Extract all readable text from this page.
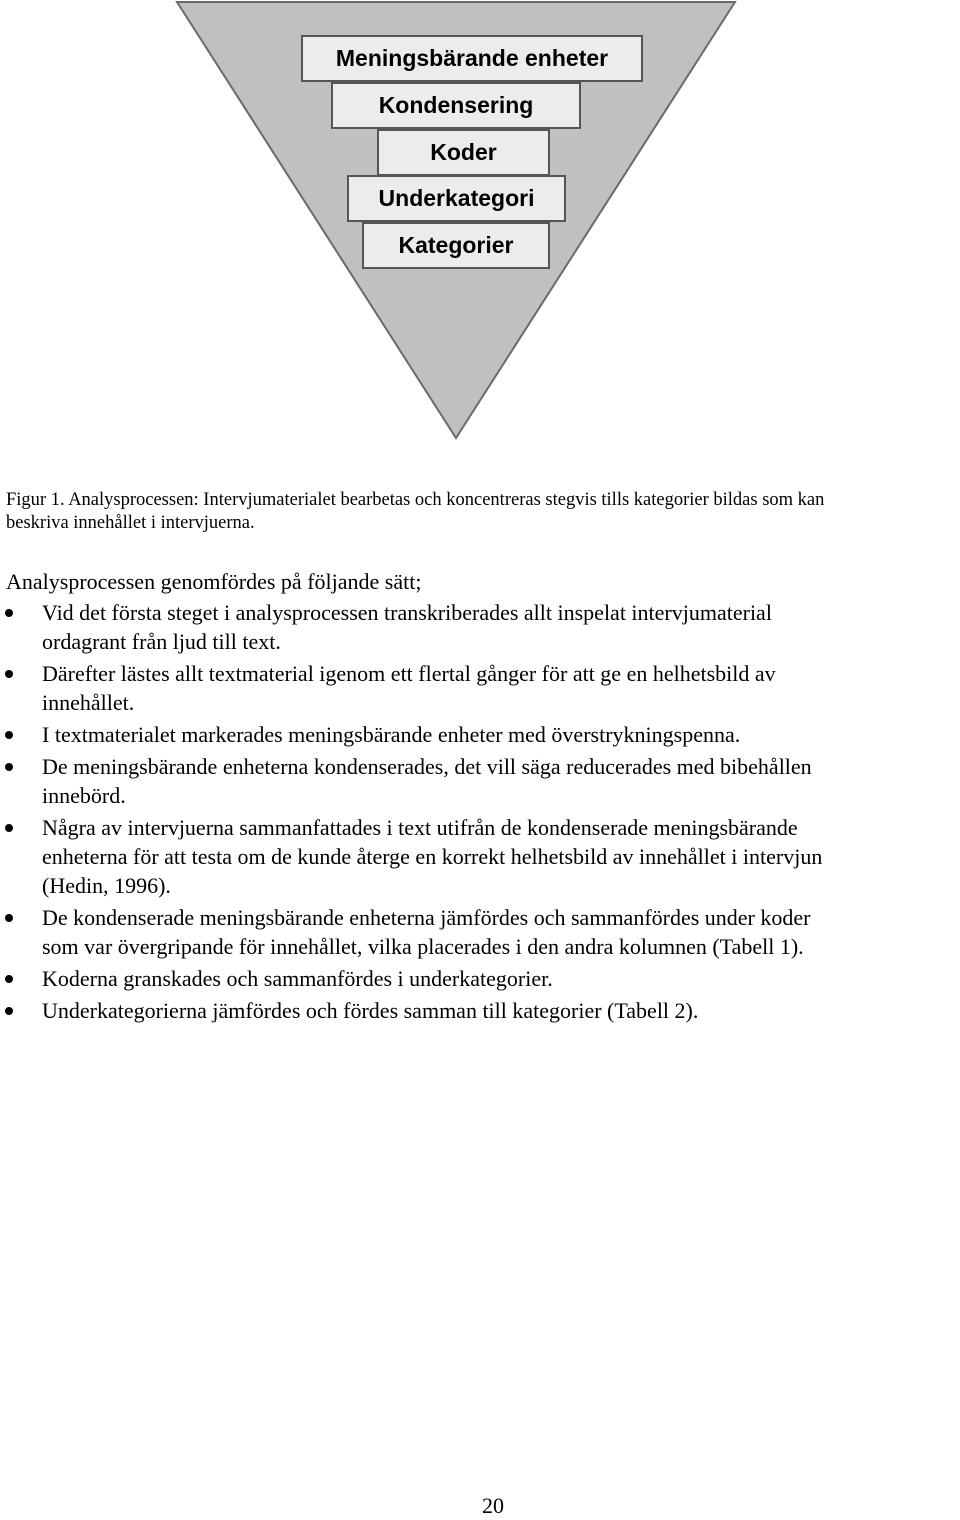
Meningsbärande enheter
Kondensering
Koder
Underkategori
Kategorier

Figur 1. Analysprocessen: Intervjumaterialet bearbetas och koncentreras stegvis tills kategorier bildas som kan
beskriva innehållet i intervjuerna.

Analysprocessen genomfördes på följande sätt;

Vid det första steget i analysprocessen transkriberades allt inspelat intervjumaterial
ordagrant från ljud till text.
Därefter lästes allt textmaterial igenom ett flertal gånger för att ge en helhetsbild av
innehållet.
I textmaterialet markerades meningsbärande enheter med överstrykningspenna.
De meningsbärande enheterna kondenserades, det vill säga reducerades med bibehållen
innebörd.
Några av intervjuerna sammanfattades i text utifrån de kondenserade meningsbärande
enheterna för att testa om de kunde återge en korrekt helhetsbild av innehållet i intervjun
(Hedin, 1996).
De kondenserade meningsbärande enheterna jämfördes och sammanfördes under koder
som var övergripande för innehållet, vilka placerades i den andra kolumnen (Tabell 1).
Koderna granskades och sammanfördes i underkategorier.
Underkategorierna jämfördes och fördes samman till kategorier (Tabell 2).
20
